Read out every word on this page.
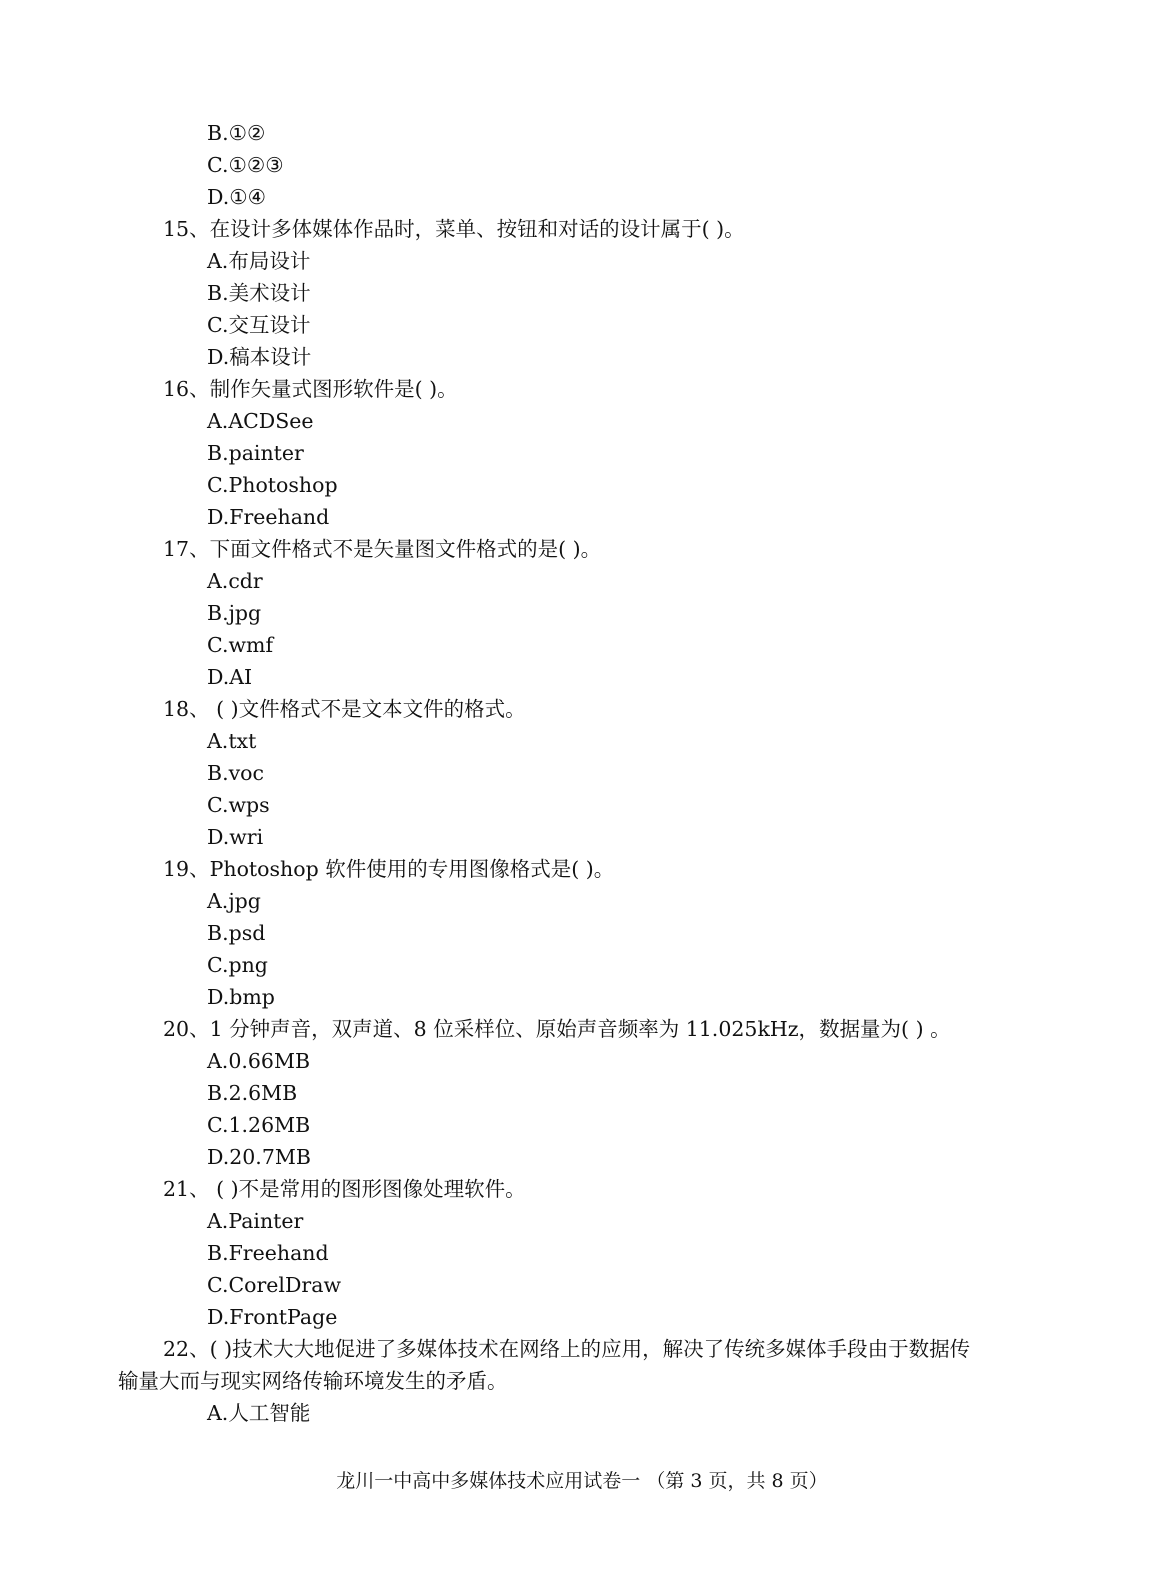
B.①②
C.①②③
D.①④
15、在设计多体媒体作品时，菜单、按钮和对话的设计属于( )。
A.布局设计
B.美术设计
C.交互设计
D.稿本设计
16、制作矢量式图形软件是( )。
A.ACDSee
B.painter
C.Photoshop
D.Freehand
17、下面文件格式不是矢量图文件格式的是( )。
A.cdr
B.jpg
C.wmf
D.AI
18、 ( )文件格式不是文本文件的格式。
A.txt
B.voc
C.wps
D.wri
19、Photoshop 软件使用的专用图像格式是( )。
A.jpg
B.psd
C.png
D.bmp
20、1 分钟声音，双声道、8 位采样位、原始声音频率为 11.025kHz，数据量为( ) 。
A.0.66MB
B.2.6MB
C.1.26MB
D.20.7MB
21、 ( )不是常用的图形图像处理软件。
A.Painter
B.Freehand
C.CorelDraw
D.FrontPage
22、( )技术大大地促进了多媒体技术在网络上的应用，解决了传统多媒体手段由于数据传
输量大而与现实网络传输环境发生的矛盾。
A.人工智能
龙川一中高中多媒体技术应用试卷一 （第 3 页，共 8 页）
